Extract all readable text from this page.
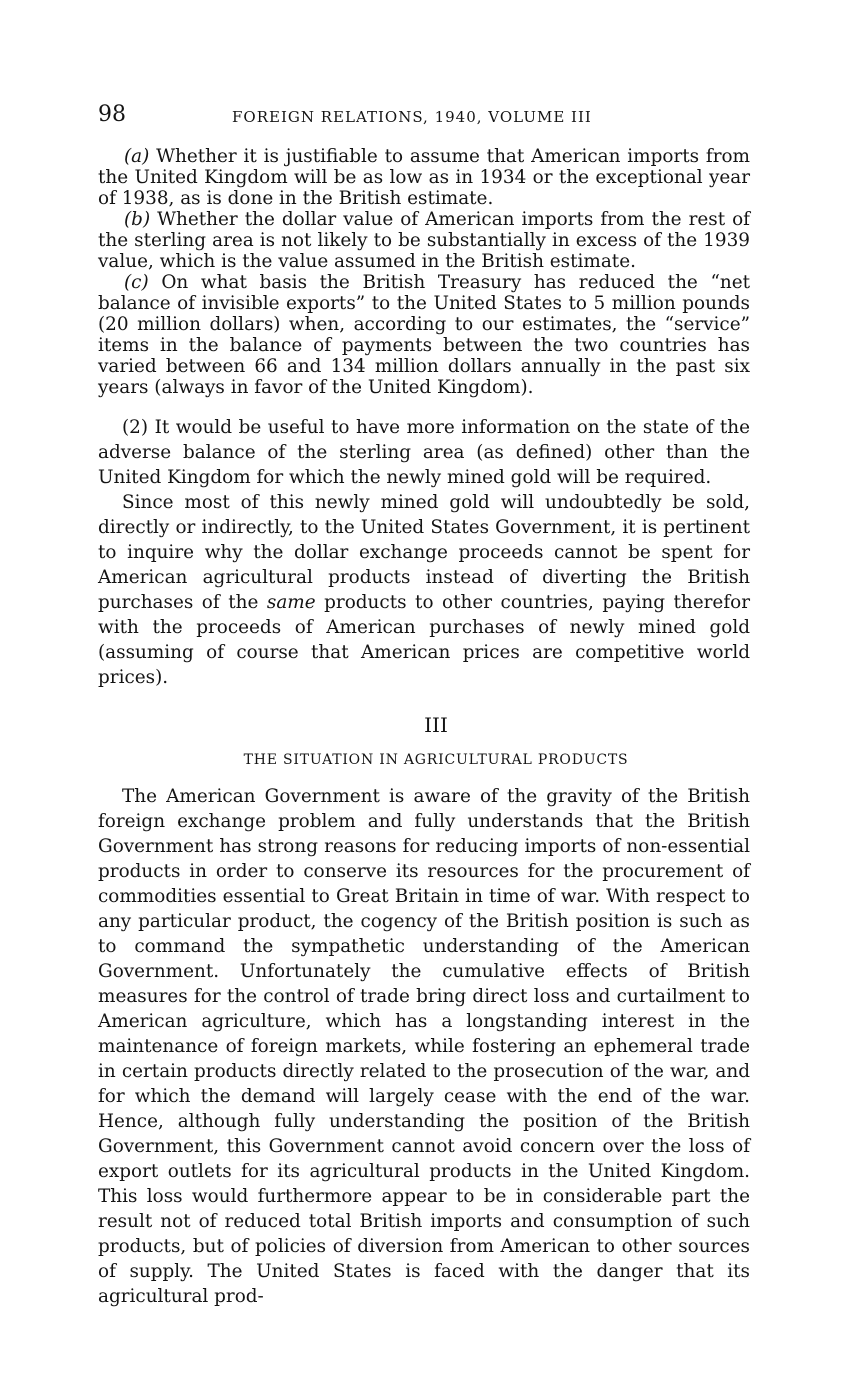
98	FOREIGN RELATIONS, 1940, VOLUME III

(a) Whether it is justifiable to assume that American imports from the United Kingdom will be as low as in 1934 or the exceptional year of 1938, as is done in the British estimate.

(b) Whether the dollar value of American imports from the rest of the sterling area is not likely to be substantially in excess of the 1939 value, which is the value assumed in the British estimate.

(c) On what basis the British Treasury has reduced the “net balance of invisible exports” to the United States to 5 million pounds (20 million dollars) when, according to our estimates, the “service” items in the balance of payments between the two countries has varied between 66 and 134 million dollars annually in the past six years (always in favor of the United Kingdom).

(2) It would be useful to have more information on the state of the adverse balance of the sterling area (as defined) other than the United Kingdom for which the newly mined gold will be required.

Since most of this newly mined gold will undoubtedly be sold, directly or indirectly, to the United States Government, it is pertinent to inquire why the dollar exchange proceeds cannot be spent for American agricultural products instead of diverting the British purchases of the same products to other countries, paying therefor with the proceeds of American purchases of newly mined gold (assuming of course that American prices are competitive world prices).

III
THE SITUATION IN AGRICULTURAL PRODUCTS

The American Government is aware of the gravity of the British foreign exchange problem and fully understands that the British Government has strong reasons for reducing imports of non-essential products in order to conserve its resources for the procurement of commodities essential to Great Britain in time of war. With respect to any particular product, the cogency of the British position is such as to command the sympathetic understanding of the American Government. Unfortunately the cumulative effects of British measures for the control of trade bring direct loss and curtailment to American agriculture, which has a longstanding interest in the maintenance of foreign markets, while fostering an ephemeral trade in certain products directly related to the prosecution of the war, and for which the demand will largely cease with the end of the war. Hence, although fully understanding the position of the British Government, this Government cannot avoid concern over the loss of export outlets for its agricultural products in the United Kingdom. This loss would furthermore appear to be in considerable part the result not of reduced total British imports and consumption of such products, but of policies of diversion from American to other sources of supply. The United States is faced with the danger that its agricultural prod-
